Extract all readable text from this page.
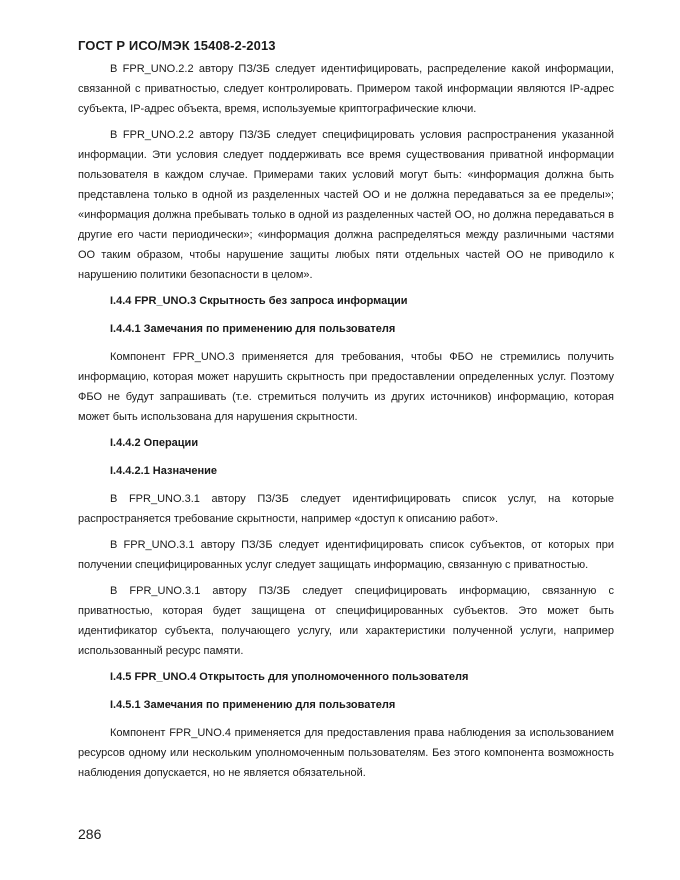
ГОСТ Р ИСО/МЭК 15408-2-2013

В FPR_UNO.2.2 автору ПЗ/ЗБ следует идентифицировать, распределение какой информации, связанной с приватностью, следует контролировать. Примером такой информации являются IP-адрес субъекта, IP-адрес объекта, время, используемые криптографические ключи.

В FPR_UNO.2.2 автору ПЗ/ЗБ следует специфицировать условия распространения указанной информации. Эти условия следует поддерживать все время существования приватной информации пользователя в каждом случае. Примерами таких условий могут быть: «информация должна быть представлена только в одной из разделенных частей ОО и не должна передаваться за ее пределы»; «информация должна пребывать только в одной из разделенных частей ОО, но должна передаваться в другие его части периодически»; «информация должна распределяться между различными частями ОО таким образом, чтобы нарушение защиты любых пяти отдельных частей ОО не приводило к нарушению политики безопасности в целом».

I.4.4 FPR_UNO.3 Скрытность без запроса информации
I.4.4.1 Замечания по применению для пользователя

Компонент FPR_UNO.3 применяется для требования, чтобы ФБО не стремились получить информацию, которая может нарушить скрытность при предоставлении определенных услуг. Поэтому ФБО не будут запрашивать (т.е. стремиться получить из других источников) информацию, которая может быть использована для нарушения скрытности.

I.4.4.2 Операции
I.4.4.2.1 Назначение

В FPR_UNO.3.1 автору ПЗ/ЗБ следует идентифицировать список услуг, на которые распространяется требование скрытности, например «доступ к описанию работ».

В FPR_UNO.3.1 автору ПЗ/ЗБ следует идентифицировать список субъектов, от которых при получении специфицированных услуг следует защищать информацию, связанную с приватностью.

В FPR_UNO.3.1 автору ПЗ/ЗБ следует специфицировать информацию, связанную с приватностью, которая будет защищена от специфицированных субъектов. Это может быть идентификатор субъекта, получающего услугу, или характеристики полученной услуги, например использованный ресурс памяти.

I.4.5 FPR_UNO.4 Открытость для уполномоченного пользователя
I.4.5.1 Замечания по применению для пользователя

Компонент FPR_UNO.4 применяется для предоставления права наблюдения за использованием ресурсов одному или нескольким уполномоченным пользователям. Без этого компонента возможность наблюдения допускается, но не является обязательной.

286
